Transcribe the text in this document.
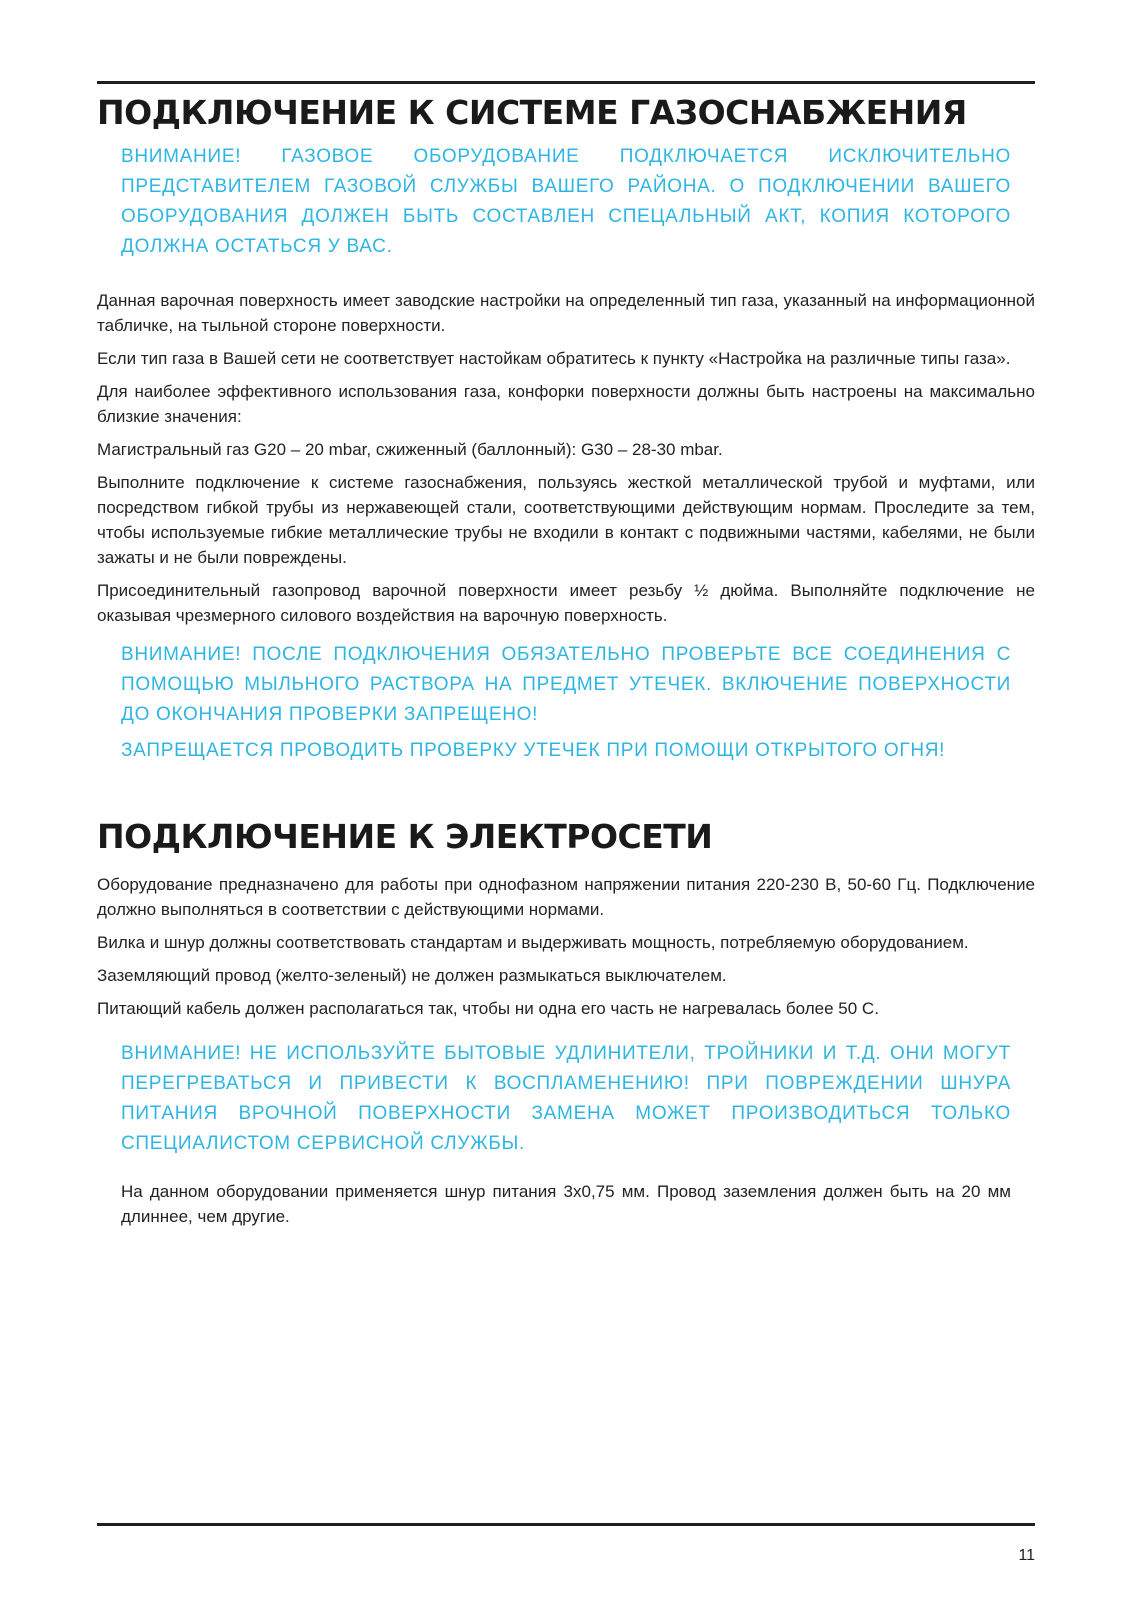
ПОДКЛЮЧЕНИЕ К СИСТЕМЕ ГАЗОСНАБЖЕНИЯ

ВНИМАНИЕ! ГАЗОВОЕ ОБОРУДОВАНИЕ ПОДКЛЮЧАЕТСЯ ИСКЛЮЧИТЕЛЬНО ПРЕДСТАВИТЕЛЕМ ГАЗОВОЙ СЛУЖБЫ ВАШЕГО РАЙОНА. О ПОДКЛЮЧЕНИИ ВАШЕГО ОБОРУДОВАНИЯ ДОЛЖЕН БЫТЬ СОСТАВЛЕН СПЕЦАЛЬНЫЙ АКТ, КОПИЯ КОТОРОГО ДОЛЖНА ОСТАТЬСЯ У ВАС.

Данная варочная поверхность имеет заводские настройки на определенный тип газа, указанный на информационной табличке, на тыльной стороне поверхности.

Если тип газа в Вашей сети не соответствует настойкам обратитесь к пункту «Настройка на различные типы газа».

Для наиболее эффективного использования газа, конфорки поверхности должны быть настроены на максимально близкие значения:

Магистральный газ G20 – 20 mbar, сжиженный (баллонный): G30 – 28-30 mbar.

Выполните подключение к системе газоснабжения, пользуясь жесткой металлической трубой и муфтами, или посредством гибкой трубы из нержавеющей стали, соответствующими действующим нормам. Проследите за тем, чтобы используемые гибкие металлические трубы не входили в контакт с подвижными частями, кабелями, не были зажаты и не были повреждены.

Присоединительный газопровод варочной поверхности имеет резьбу ½ дюйма. Выполняйте подключение не оказывая чрезмерного силового воздействия на варочную поверхность.

ВНИМАНИЕ! ПОСЛЕ ПОДКЛЮЧЕНИЯ ОБЯЗАТЕЛЬНО ПРОВЕРЬТЕ ВСЕ СОЕДИНЕНИЯ С ПОМОЩЬЮ МЫЛЬНОГО РАСТВОРА НА ПРЕДМЕТ УТЕЧЕК. ВКЛЮЧЕНИЕ ПОВЕРХНОСТИ ДО ОКОНЧАНИЯ ПРОВЕРКИ ЗАПРЕЩЕНО!

ЗАПРЕЩАЕТСЯ ПРОВОДИТЬ ПРОВЕРКУ УТЕЧЕК ПРИ ПОМОЩИ ОТКРЫТОГО ОГНЯ!

ПОДКЛЮЧЕНИЕ К ЭЛЕКТРОСЕТИ

Оборудование предназначено для работы при однофазном напряжении питания 220-230 В, 50-60 Гц. Подключение должно выполняться в соответствии с действующими нормами.

Вилка и шнур должны соответствовать стандартам и выдерживать мощность, потребляемую оборудованием.

Заземляющий провод (желто-зеленый) не должен размыкаться выключателем.

Питающий кабель должен располагаться так, чтобы ни одна его часть не нагревалась более 50 С.

ВНИМАНИЕ! НЕ ИСПОЛЬЗУЙТЕ БЫТОВЫЕ УДЛИНИТЕЛИ, ТРОЙНИКИ И Т.Д. ОНИ МОГУТ ПЕРЕГРЕВАТЬСЯ И ПРИВЕСТИ К ВОСПЛАМЕНЕНИЮ! ПРИ ПОВРЕЖДЕНИИ ШНУРА ПИТАНИЯ ВРОЧНОЙ ПОВЕРХНОСТИ ЗАМЕНА МОЖЕТ ПРОИЗВОДИТЬСЯ ТОЛЬКО СПЕЦИАЛИСТОМ СЕРВИСНОЙ СЛУЖБЫ.

На данном оборудовании применяется шнур питания 3х0,75 мм. Провод заземления должен быть на 20 мм длиннее, чем другие.

11
